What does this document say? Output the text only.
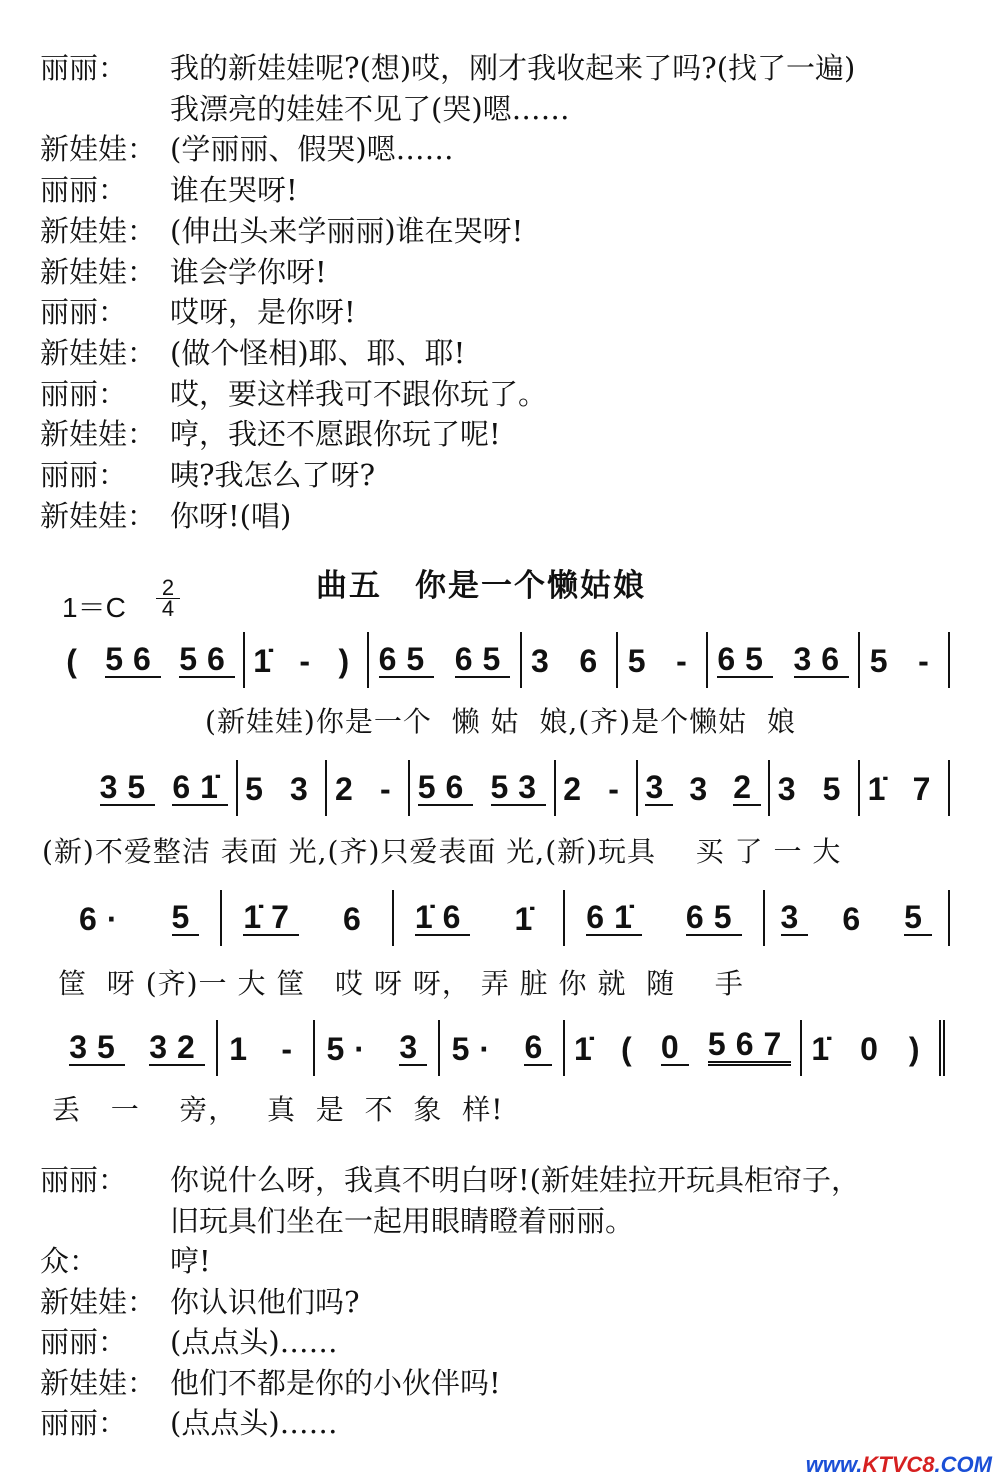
丽丽： 我的新娃娃呢?(想)哎，刚才我收起来了吗?(找了一遍)
我漂亮的娃娃不见了(哭)嗯……
新娃娃： (学丽丽、假哭)嗯……
丽丽： 谁在哭呀!
新娃娃： (伸出头来学丽丽)谁在哭呀!
新娃娃： 谁会学你呀!
丽丽： 哎呀，是你呀!
新娃娃： (做个怪相)耶、耶、耶!
丽丽： 哎，要这样我可不跟你玩了。
新娃娃： 哼，我还不愿跟你玩了呢!
丽丽： 咦?我怎么了呀?
新娃娃： 你呀!(唱)
曲五　你是一个懒姑娘
$1=C \frac{2}{4}$
( 56 56 1̇ - ) 65 65 3 6 5 - 65 36 5 -
(新娃娃)你是一个  懒 姑  娘,(齐)是个懒姑  娘
35 61̇ 5 3 2 - 56 53 2 - 3 3 2 3 5 1̇ 7
(新)不爱整洁 表面 光,(齐)只爱表面 光,(新)玩具    买 了 一 大
6· 5 1̇7 6 1̇6 1̇ 61̇ 65 3 6 5
筐  呀 (齐)一 大 筐   哎 呀 呀， 弄 脏 你 就  随    手
35 32 1 - 5· 3 5· 6 1̇ ( 0 567 1̇ 0 )
丢   一    旁，   真  是  不  象  样!
丽丽： 你说什么呀，我真不明白呀!(新娃娃拉开玩具柜帘子，
旧玩具们坐在一起用眼睛瞪着丽丽。
众： 哼!
新娃娃： 你认识他们吗?
丽丽： (点点头)……
新娃娃： 他们不都是你的小伙伴吗!
丽丽： (点点头)……
www.KTVC8.COM
